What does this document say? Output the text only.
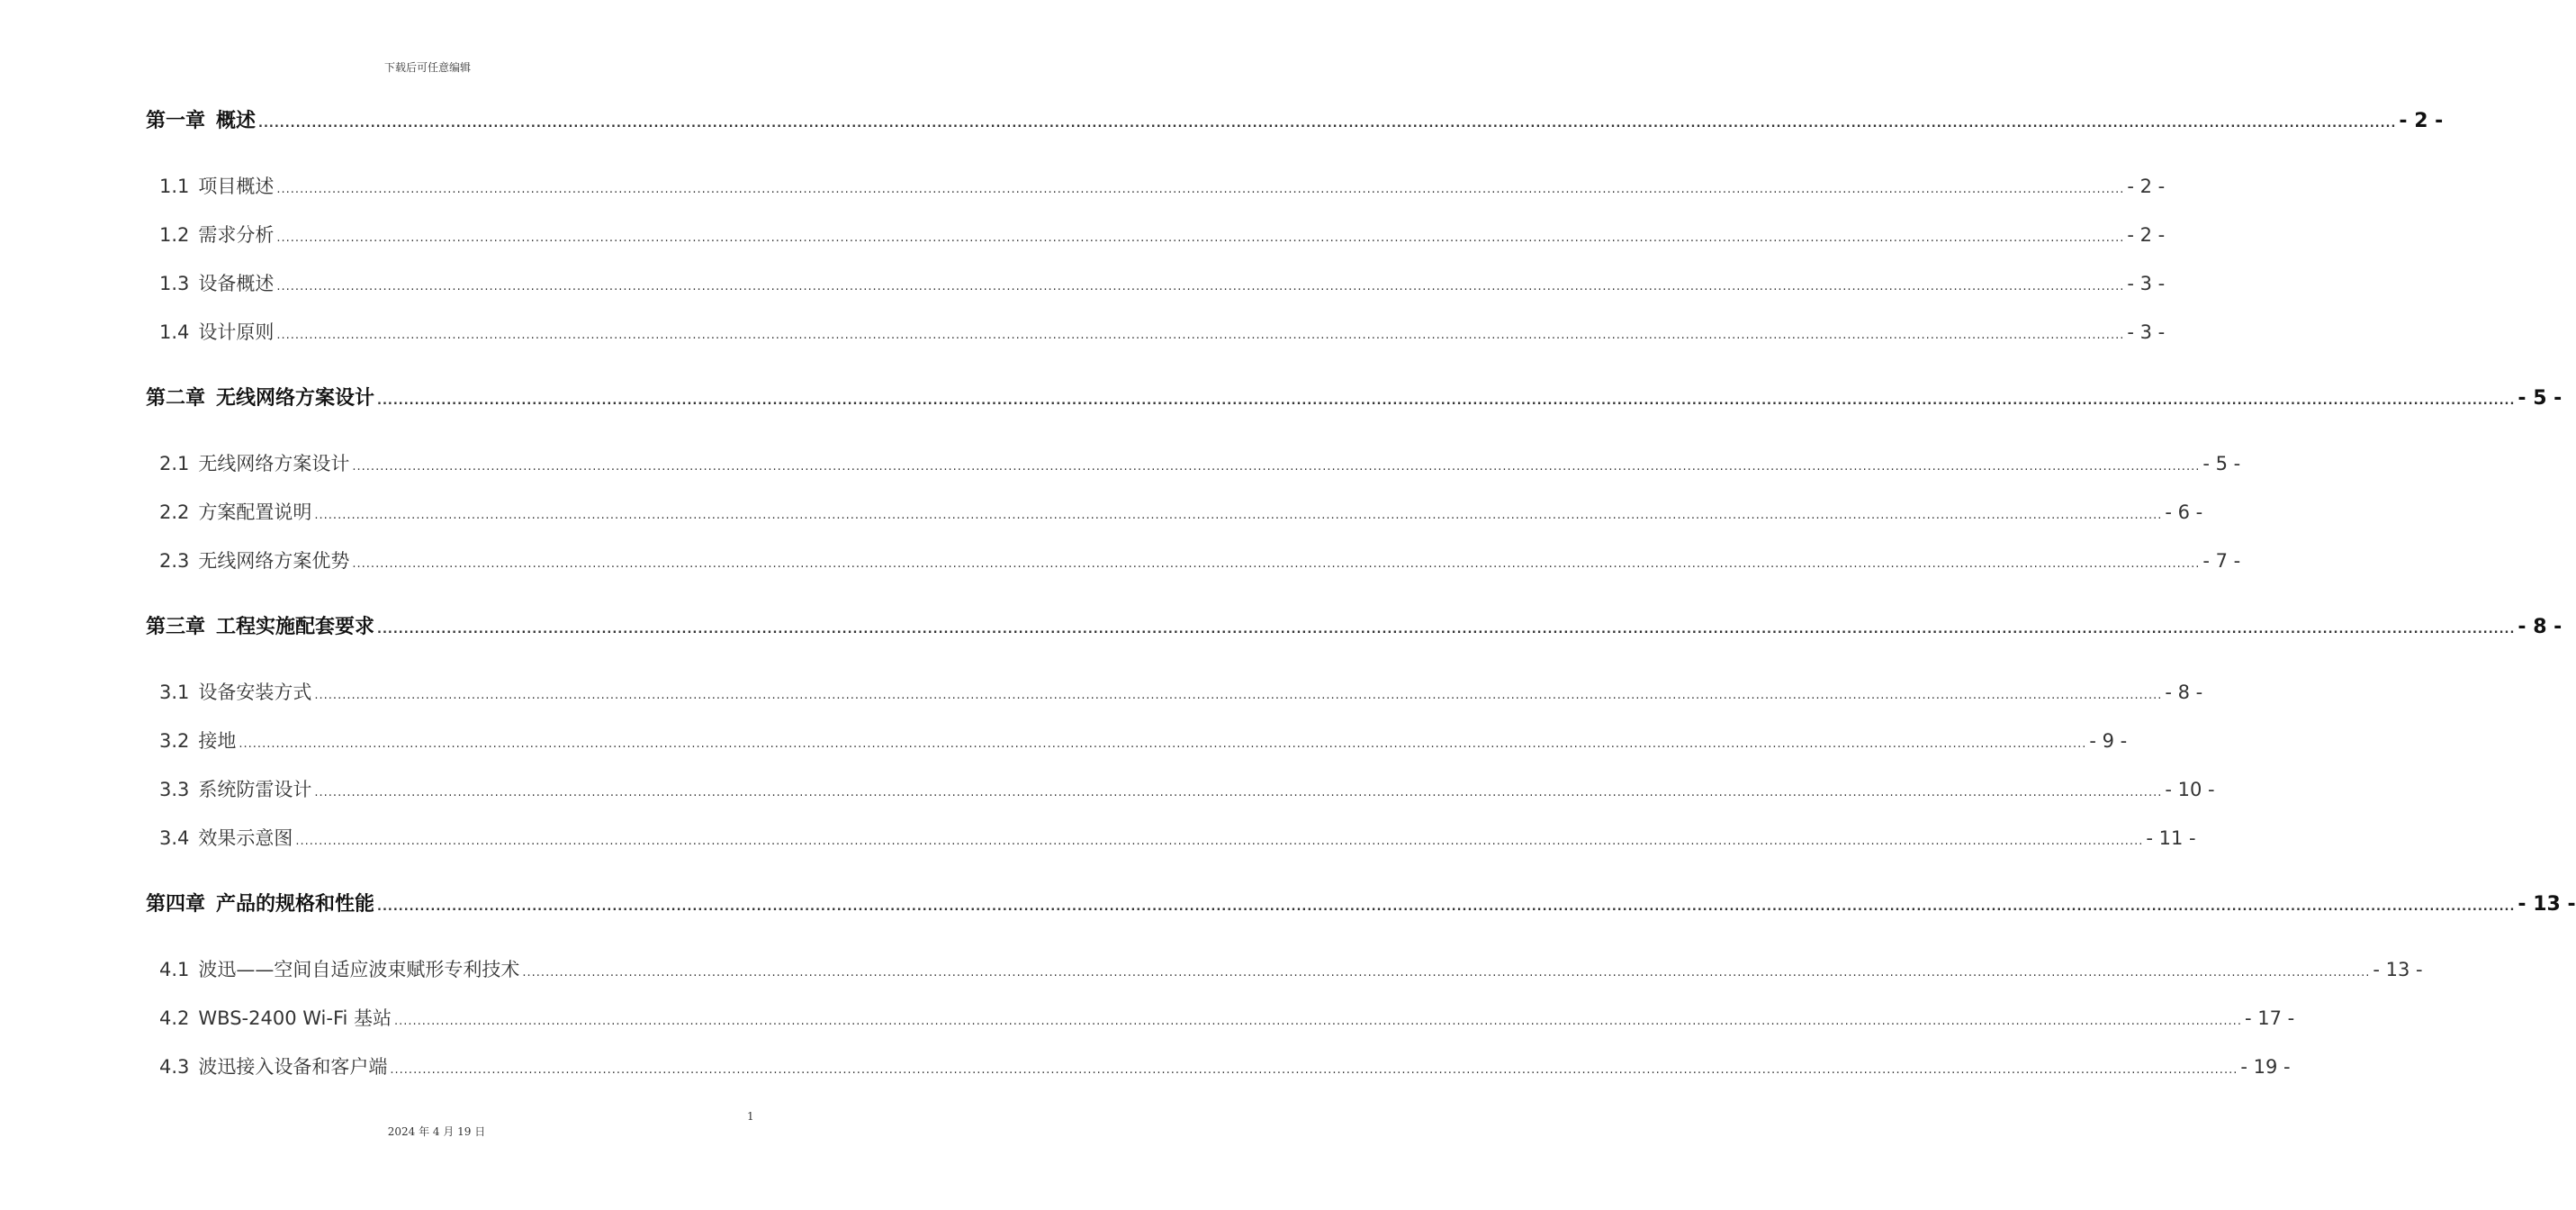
下载后可任意编辑
第一章 概述 ................................................................................................................................................................................................................................................................................................................................................................................................................ - 2 -
1.1 项目概述 ................................................................................................................................................................................................................................................................................................................................................................................................................ - 2 -
1.2 需求分析 ................................................................................................................................................................................................................................................................................................................................................................................................................ - 2 -
1.3 设备概述 ................................................................................................................................................................................................................................................................................................................................................................................................................ - 3 -
1.4 设计原则 ................................................................................................................................................................................................................................................................................................................................................................................................................ - 3 -
第二章 无线网络方案设计 ................................................................................................................................................................................................................................................................................................................................................................................................................ - 5 -
2.1 无线网络方案设计 ................................................................................................................................................................................................................................................................................................................................................................................................................ - 5 -
2.2 方案配置说明 ................................................................................................................................................................................................................................................................................................................................................................................................................ - 6 -
2.3 无线网络方案优势 ................................................................................................................................................................................................................................................................................................................................................................................................................ - 7 -
第三章 工程实施配套要求 ................................................................................................................................................................................................................................................................................................................................................................................................................ - 8 -
3.1 设备安装方式 ................................................................................................................................................................................................................................................................................................................................................................................................................ - 8 -
3.2 接地 ................................................................................................................................................................................................................................................................................................................................................................................................................ - 9 -
3.3 系统防雷设计 ................................................................................................................................................................................................................................................................................................................................................................................................................ - 10 -
3.4 效果示意图 ................................................................................................................................................................................................................................................................................................................................................................................................................ - 11 -
第四章 产品的规格和性能 ................................................................................................................................................................................................................................................................................................................................................................................................................ - 13 -
4.1 波迅——空间自适应波束赋形专利技术 ................................................................................................................................................................................................................................................................................................................................................................................................................ - 13 -
4.2 WBS-2400 Wi-Fi 基站 ................................................................................................................................................................................................................................................................................................................................................................................................................ - 17 -
4.3 波迅接入设备和客户端 ................................................................................................................................................................................................................................................................................................................................................................................................................ - 19 -
1
2024 年 4 月 19 日
